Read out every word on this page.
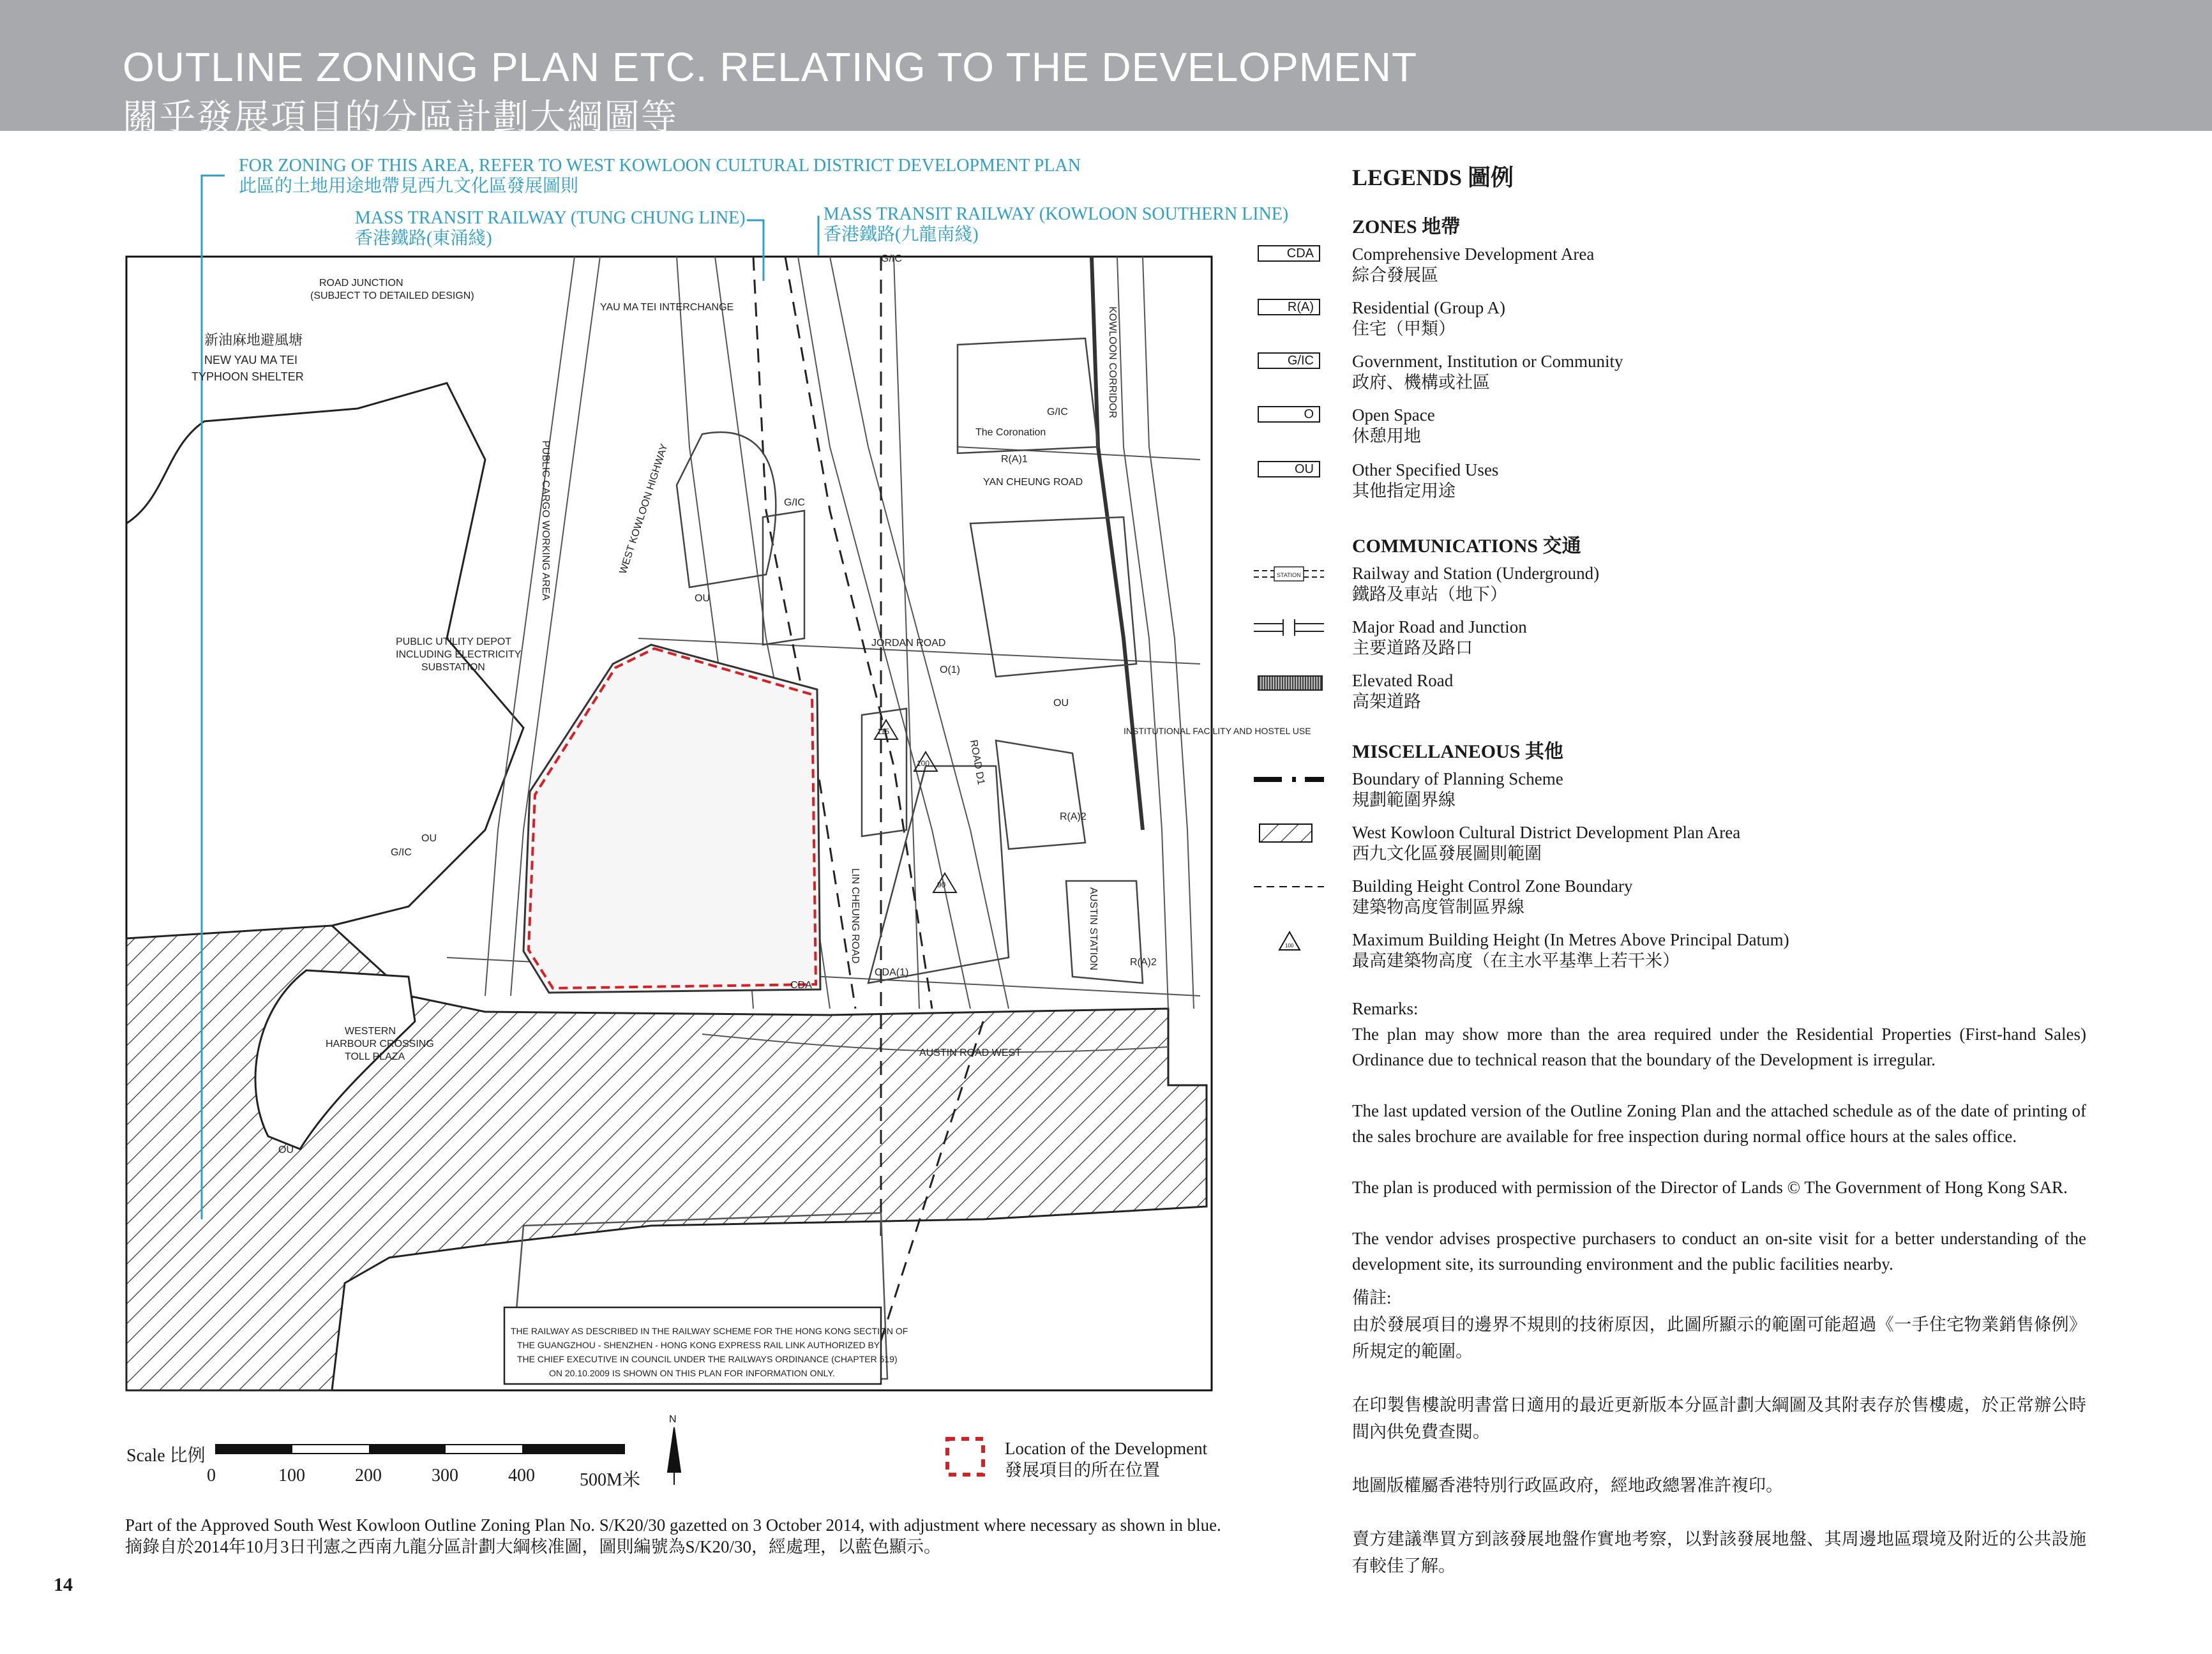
OUTLINE ZONING PLAN ETC. RELATING TO THE DEVELOPMENT
關乎發展項目的分區計劃大綱圖等
FOR ZONING OF THIS AREA, REFER TO WEST KOWLOON CULTURAL DISTRICT DEVELOPMENT PLAN
此區的土地用途地帶見西九文化區發展圖則
MASS TRANSIT RAILWAY (TUNG CHUNG LINE)
香港鐵路(東涌綫)
MASS TRANSIT RAILWAY (KOWLOON SOUTHERN LINE)
香港鐵路(九龍南綫)
ROAD JUNCTION
(SUBJECT TO DETAILED DESIGN)
YAU MA TEI INTERCHANGE
新油麻地避風塘
NEW YAU MA TEI
TYPHOON SHELTER
PUBLIC CARGO WORKING AREA	WEST KOWLOON HIGHWAY
PUBLIC UTILITY DEPOT
INCLUDING ELECTRICITY
SUBSTATION
WESTERN
HARBOUR CROSSING
TOLL PLAZA
JORDAN ROAD
LIN CHEUNG ROAD	AUSTIN STATION
AUSTIN ROAD WEST
ROAD D1
INSTITUTIONAL FACILITY AND HOSTEL USE
The Coronation
YAN CHEUNG ROAD
KOWLOON CORRIDOR
CDA
CDA(1)
G/IC
G/IC
G/IC
G/IC
OU
OU
OU
OU
R(A)1
R(A)2
R(A)2
O(1)
115
100
90
THE RAILWAY AS DESCRIBED IN THE RAILWAY SCHEME FOR THE HONG KONG SECTION OF
THE GUANGZHOU - SHENZHEN - HONG KONG EXPRESS RAIL LINK AUTHORIZED BY
THE CHIEF EXECUTIVE IN COUNCIL UNDER THE RAILWAYS ORDINANCE (CHAPTER 519)
ON 20.10.2009 IS SHOWN ON THIS PLAN FOR INFORMATION ONLY.
N
Scale 比例
0	100	200	300	400	500M米
Location of the Development
發展項目的所在位置
Part of the Approved South West Kowloon Outline Zoning Plan No. S/K20/30 gazetted on 3 October 2014, with adjustment where necessary as shown in blue.
摘錄自於2014年10月3日刊憲之西南九龍分區計劃大綱核准圖，圖則編號為S/K20/30，經處理，以藍色顯示。
14
LEGENDS 圖例
ZONES 地帶
CDA	Comprehensive Development Area
綜合發展區
R(A)	Residential (Group A)
住宅（甲類）
G/IC	Government, Institution or Community
政府、機構或社區
O	Open Space
休憩用地
OU	Other Specified Uses
其他指定用途
COMMUNICATIONS 交通
STATION	Railway and Station (Underground)
鐵路及車站（地下）
Major Road and Junction
主要道路及路口
Elevated Road
高架道路
MISCELLANEOUS 其他
Boundary of Planning Scheme
規劃範圍界線
West Kowloon Cultural District Development Plan Area
西九文化區發展圖則範圍
Building Height Control Zone Boundary
建築物高度管制區界線
100	Maximum Building Height (In Metres Above Principal Datum)
最高建築物高度（在主水平基準上若干米）
Remarks:
The plan may show more than the area required under the Residential Properties (First-hand Sales) Ordinance due to technical reason that the boundary of the Development is irregular.
The last updated version of the Outline Zoning Plan and the attached schedule as of the date of printing of the sales brochure are available for free inspection during normal office hours at the sales office.
The plan is produced with permission of the Director of Lands © The Government of Hong Kong SAR.
The vendor advises prospective purchasers to conduct an on-site visit for a better understanding of the development site, its surrounding environment and the public facilities nearby.
備註:
由於發展項目的邊界不規則的技術原因，此圖所顯示的範圍可能超過《一手住宅物業銷售條例》所規定的範圍。
在印製售樓說明書當日適用的最近更新版本分區計劃大綱圖及其附表存於售樓處，於正常辦公時間內供免費查閱。
地圖版權屬香港特別行政區政府，經地政總署准許複印。
賣方建議準買方到該發展地盤作實地考察，以對該發展地盤、其周邊地區環境及附近的公共設施有較佳了解。
